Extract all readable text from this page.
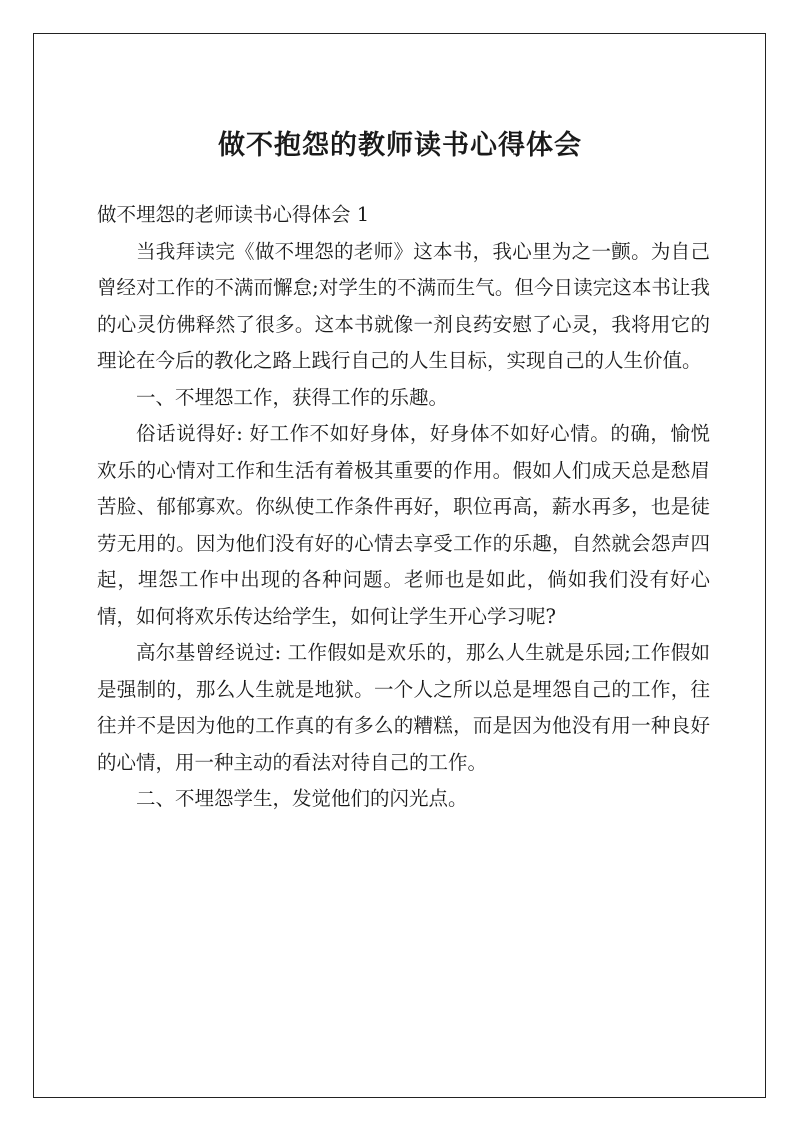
做不抱怨的教师读书心得体会

做不埋怨的老师读书心得体会 1

当我拜读完《做不埋怨的老师》这本书，我心里为之一颤。为自己曾经对工作的不满而懈怠;对学生的不满而生气。但今日读完这本书让我的心灵仿佛释然了很多。这本书就像一剂良药安慰了心灵，我将用它的理论在今后的教化之路上践行自己的人生目标，实现自己的人生价值。

一、不埋怨工作，获得工作的乐趣。

俗话说得好: 好工作不如好身体，好身体不如好心情。的确，愉悦欢乐的心情对工作和生活有着极其重要的作用。假如人们成天总是愁眉苦脸、郁郁寡欢。你纵使工作条件再好，职位再高，薪水再多，也是徒劳无用的。因为他们没有好的心情去享受工作的乐趣，自然就会怨声四起，埋怨工作中出现的各种问题。老师也是如此，倘如我们没有好心情，如何将欢乐传达给学生，如何让学生开心学习呢?

高尔基曾经说过: 工作假如是欢乐的，那么人生就是乐园;工作假如是强制的，那么人生就是地狱。一个人之所以总是埋怨自己的工作，往往并不是因为他的工作真的有多么的糟糕，而是因为他没有用一种良好的心情，用一种主动的看法对待自己的工作。

二、不埋怨学生，发觉他们的闪光点。
